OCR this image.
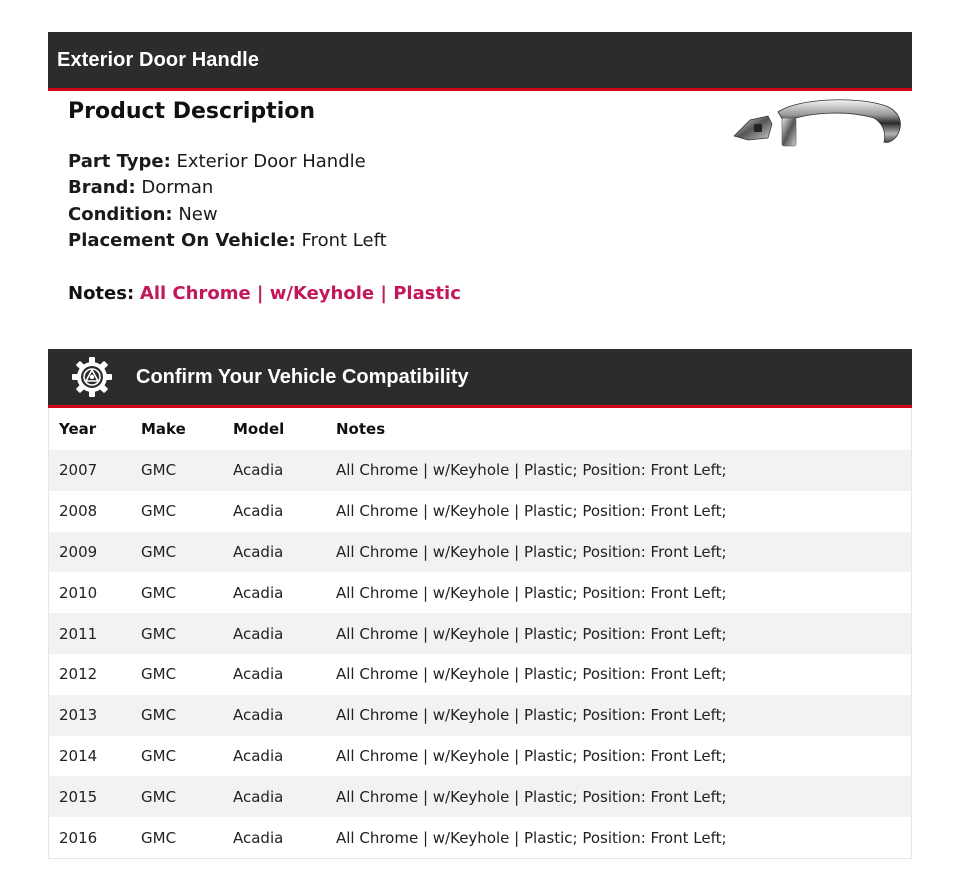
Exterior Door Handle
Product Description
Part Type: Exterior Door Handle
Brand: Dorman
Condition: New
Placement On Vehicle: Front Left
Notes: All Chrome | w/Keyhole | Plastic
Confirm Your Vehicle Compatibility
Year	Make	Model	Notes
2007	GMC	Acadia	All Chrome | w/Keyhole | Plastic; Position: Front Left;
2008	GMC	Acadia	All Chrome | w/Keyhole | Plastic; Position: Front Left;
2009	GMC	Acadia	All Chrome | w/Keyhole | Plastic; Position: Front Left;
2010	GMC	Acadia	All Chrome | w/Keyhole | Plastic; Position: Front Left;
2011	GMC	Acadia	All Chrome | w/Keyhole | Plastic; Position: Front Left;
2012	GMC	Acadia	All Chrome | w/Keyhole | Plastic; Position: Front Left;
2013	GMC	Acadia	All Chrome | w/Keyhole | Plastic; Position: Front Left;
2014	GMC	Acadia	All Chrome | w/Keyhole | Plastic; Position: Front Left;
2015	GMC	Acadia	All Chrome | w/Keyhole | Plastic; Position: Front Left;
2016	GMC	Acadia	All Chrome | w/Keyhole | Plastic; Position: Front Left;
